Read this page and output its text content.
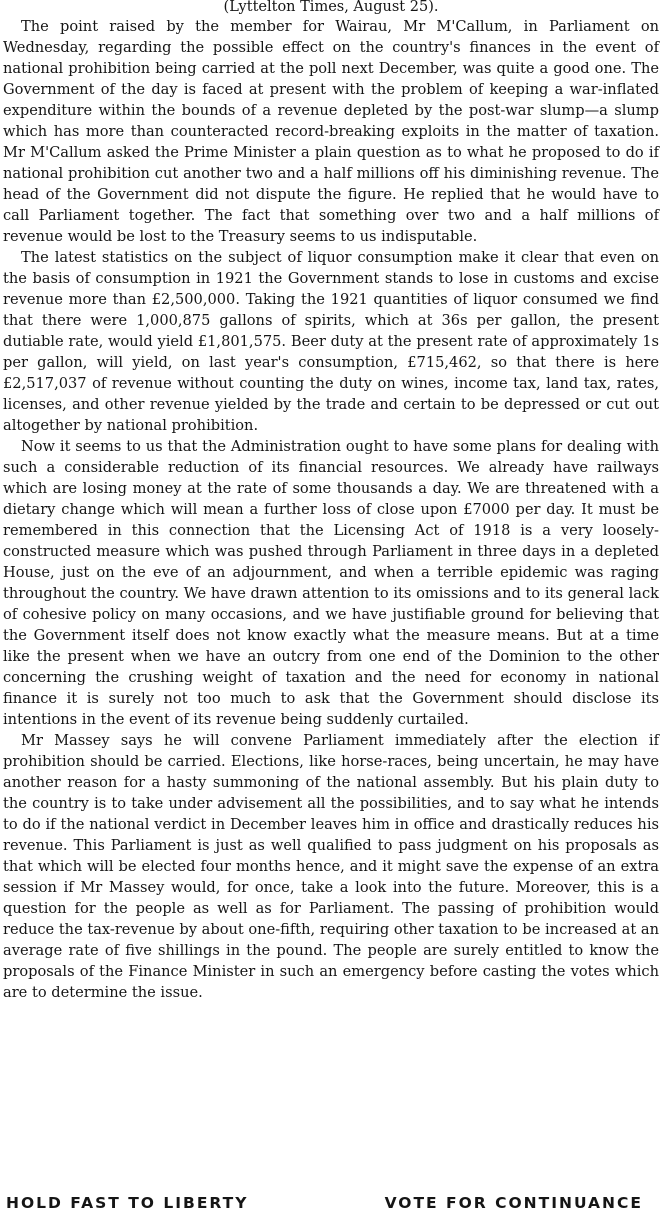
(Lyttelton Times, August 25).

The point raised by the member for Wairau, Mr M'Callum, in Parliament on Wednesday, regarding the possible effect on the country's finances in the event of national prohibition being carried at the poll next December, was quite a good one. The Government of the day is faced at present with the problem of keeping a war-inflated expenditure within the bounds of a revenue depleted by the post-war slump—a slump which has more than counteracted record-breaking exploits in the matter of taxation. Mr M'Callum asked the Prime Minister a plain question as to what he proposed to do if national prohibition cut another two and a half millions off his diminishing revenue. The head of the Government did not dispute the figure. He replied that he would have to call Parliament together. The fact that something over two and a half millions of revenue would be lost to the Treasury seems to us indisputable.

The latest statistics on the subject of liquor consumption make it clear that even on the basis of consumption in 1921 the Government stands to lose in customs and excise revenue more than £2,500,000. Taking the 1921 quantities of liquor consumed we find that there were 1,000,875 gallons of spirits, which at 36s per gallon, the present dutiable rate, would yield £1,801,575. Beer duty at the present rate of approximately 1s per gallon, will yield, on last year's consumption, £715,462, so that there is here £2,517,037 of revenue without counting the duty on wines, income tax, land tax, rates, licenses, and other revenue yielded by the trade and certain to be depressed or cut out altogether by national prohibition.

Now it seems to us that the Administration ought to have some plans for dealing with such a considerable reduction of its financial resources. We already have railways which are losing money at the rate of some thousands a day. We are threatened with a dietary change which will mean a further loss of close upon £7000 per day. It must be remembered in this connection that the Licensing Act of 1918 is a very loosely-constructed measure which was pushed through Parliament in three days in a depleted House, just on the eve of an adjournment, and when a terrible epidemic was raging throughout the country. We have drawn attention to its omissions and to its general lack of cohesive policy on many occasions, and we have justifiable ground for believing that the Government itself does not know exactly what the measure means. But at a time like the present when we have an outcry from one end of the Dominion to the other concerning the crushing weight of taxation and the need for economy in national finance it is surely not too much to ask that the Government should disclose its intentions in the event of its revenue being suddenly curtailed.

Mr Massey says he will convene Parliament immediately after the election if prohibition should be carried. Elections, like horse-races, being uncertain, he may have another reason for a hasty summoning of the national assembly. But his plain duty to the country is to take under advisement all the possibilities, and to say what he intends to do if the national verdict in December leaves him in office and drastically reduces his revenue. This Parliament is just as well qualified to pass judgment on his proposals as that which will be elected four months hence, and it might save the expense of an extra session if Mr Massey would, for once, take a look into the future. Moreover, this is a question for the people as well as for Parliament. The passing of prohibition would reduce the tax-revenue by about one-fifth, requiring other taxation to be increased at an average rate of five shillings in the pound. The people are surely entitled to know the proposals of the Finance Minister in such an emergency before casting the votes which are to determine the issue.

HOLD FAST TO LIBERTY	VOTE FOR CONTINUANCE
